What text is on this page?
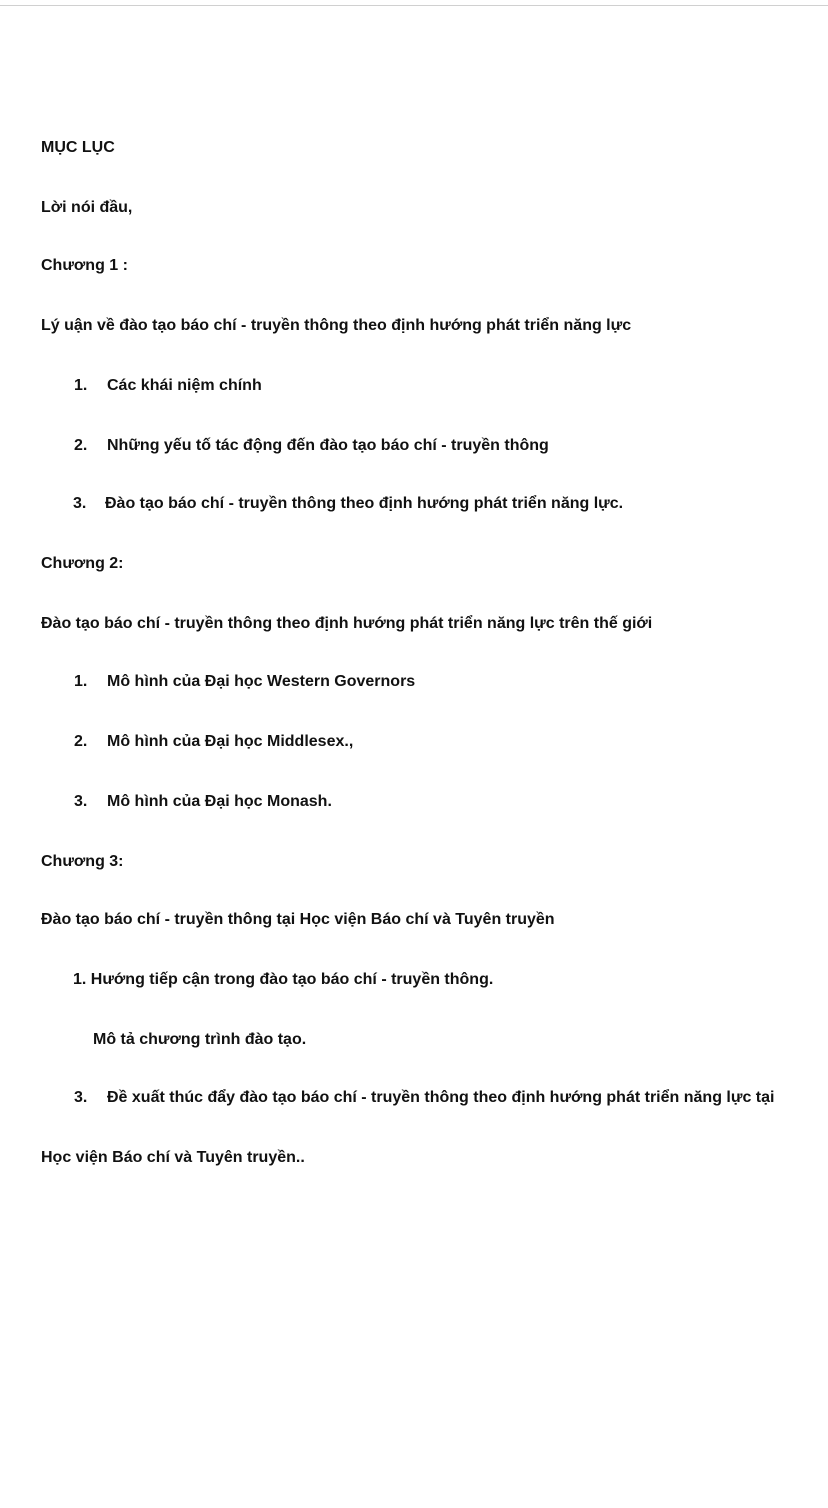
MỤC LỤC
Lời nói đầu,
Chương 1 :
Lý uận về đào tạo báo chí - truyền thông theo định hướng phát triển năng lực
1. Các khái niệm chính
2. Những yếu tố tác động đến đào tạo báo chí - truyền thông
3. Đào tạo báo chí - truyền thông theo định hướng phát triển năng lực.
Chương 2:
Đào tạo báo chí - truyền thông theo định hướng phát triển năng lực trên thế giới
1. Mô hình của Đại học Western Governors
2. Mô hình của Đại học Middlesex.,
3. Mô hình của Đại học Monash.
Chương 3:
Đào tạo báo chí - truyền thông tại Học viện Báo chí và Tuyên truyền
1. Hướng tiếp cận trong đào tạo báo chí - truyền thông.
Mô tả chương trình đào tạo.
3. Đề xuất thúc đẩy đào tạo báo chí - truyền thông theo định hướng phát triển năng lực tại
Học viện Báo chí và Tuyên truyền..
